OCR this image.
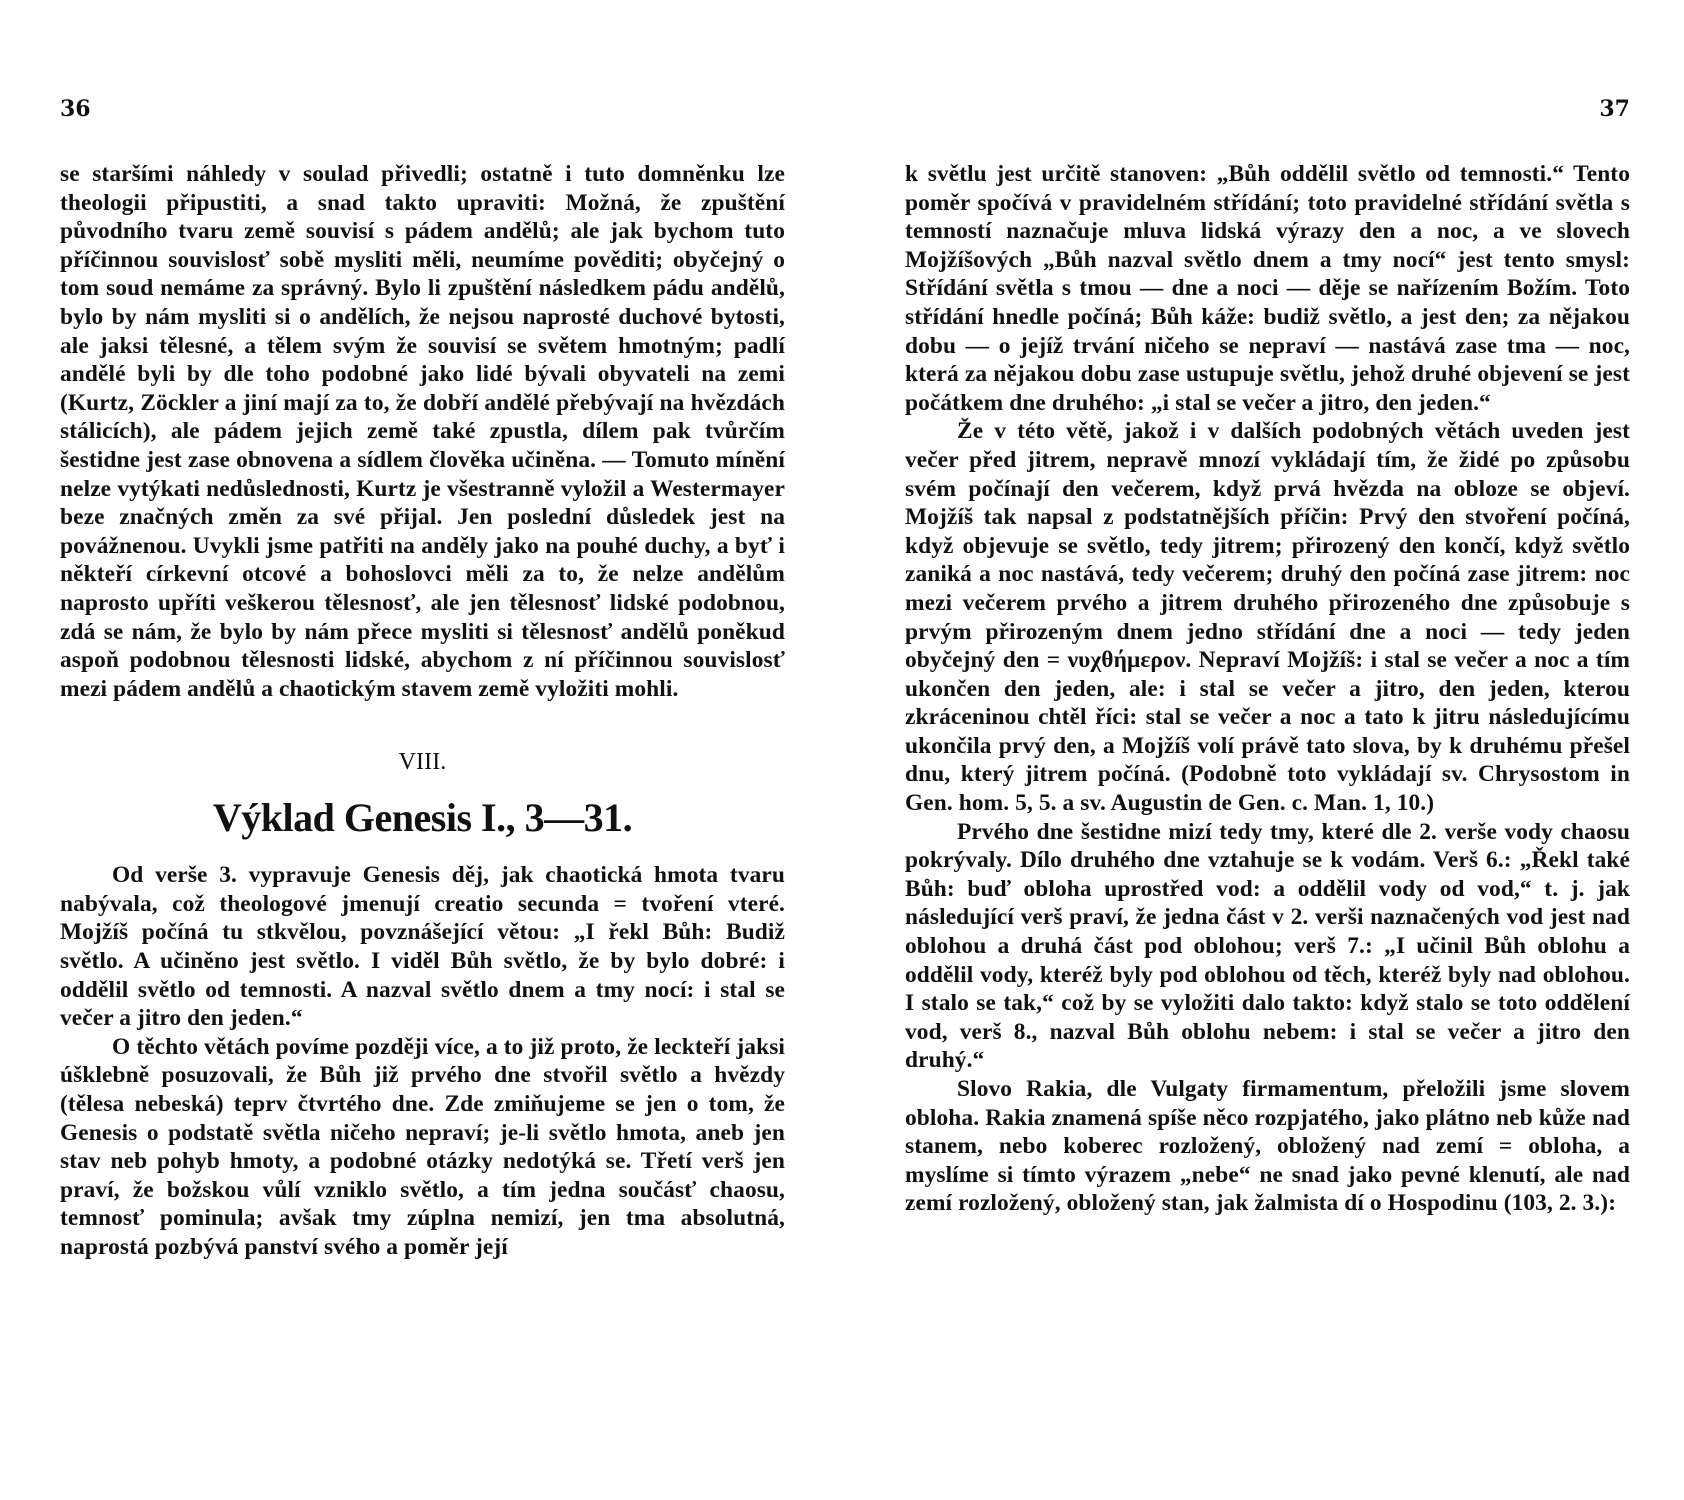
36

se staršími náhledy v soulad přivedli; ostatně i tuto domněnku lze theologii připustiti, a snad takto upraviti: Možná, že zpuštění původního tvaru země souvisí s pádem andělů; ale jak bychom tuto příčinnou souvislosť sobě mysliti měli, neumíme pověditi; obyčejný o tom soud nemáme za správný. Bylo li zpuštění následkem pádu andělů, bylo by nám mysliti si o andělích, že nejsou naprosté duchové bytosti, ale jaksi tělesné, a tělem svým že souvisí se světem hmotným; padlí andělé byli by dle toho podobné jako lidé bývali obyvateli na zemi (Kurtz, Zöckler a jiní mají za to, že dobří andělé přebývají na hvězdách stálicích), ale pádem jejich země také zpustla, dílem pak tvůrčím šestidne jest zase obnovena a sídlem člověka učiněna. — Tomuto mínění nelze vytýkati nedůslednosti, Kurtz je všestranně vyložil a Westermayer beze značných změn za své přijal. Jen poslední důsledek jest na povážnenou. Uvykli jsme patřiti na anděly jako na pouhé duchy, a byť i někteří církevní otcové a bohoslovci měli za to, že nelze andělům naprosto upříti veškerou tělesnosť, ale jen tělesnosť lidské podobnou, zdá se nám, že bylo by nám přece mysliti si tělesnosť andělů poněkud aspoň podobnou tělesnosti lidské, abychom z ní příčinnou souvislosť mezi pádem andělů a chaotickým stavem země vyložiti mohli.

VIII.
Výklad Genesis I., 3—31.

Od verše 3. vypravuje Genesis děj, jak chaotická hmota tvaru nabývala, což theologové jmenují creatio secunda = tvoření vteré. Mojžíš počíná tu stkvělou, povznášející větou: „I řekl Bůh: Budiž světlo. A učiněno jest světlo. I viděl Bůh světlo, že by bylo dobré: i oddělil světlo od temnosti. A nazval světlo dnem a tmy nocí: i stal se večer a jitro den jeden.“

O těchto větách povíme později více, a to již proto, že leckteří jaksi úšklebně posuzovali, že Bůh již prvého dne stvořil světlo a hvězdy (tělesa nebeská) teprv čtvrtého dne. Zde zmiňujeme se jen o tom, že Genesis o podstatě světla ničeho nepraví; je-li světlo hmota, aneb jen stav neb pohyb hmoty, a podobné otázky nedotýká se. Třetí verš jen praví, že božskou vůlí vzniklo světlo, a tím jedna součásť chaosu, temnosť pominula; avšak tmy zúplna nemizí, jen tma absolutná, naprostá pozbývá panství svého a poměr její

37

k světlu jest určitě stanoven: „Bůh oddělil světlo od temnosti.“ Tento poměr spočívá v pravidelném střídání; toto pravidelné střídání světla s temností naznačuje mluva lidská výrazy den a noc, a ve slovech Mojžíšových „Bůh nazval světlo dnem a tmy nocí“ jest tento smysl: Střídání světla s tmou — dne a noci — děje se nařízením Božím. Toto střídání hnedle počíná; Bůh káže: budiž světlo, a jest den; za nějakou dobu — o jejíž trvání ničeho se nepraví — nastává zase tma — noc, která za nějakou dobu zase ustupuje světlu, jehož druhé objevení se jest počátkem dne druhého: „i stal se večer a jitro, den jeden.“

Že v této větě, jakož i v dalších podobných větách uveden jest večer před jitrem, nepravě mnozí vykládají tím, že židé po způsobu svém počínají den večerem, když prvá hvězda na obloze se objeví. Mojžíš tak napsal z podstatnějších příčin: Prvý den stvoření počíná, když objevuje se světlo, tedy jitrem; přirozený den končí, když světlo zaniká a noc nastává, tedy večerem; druhý den počíná zase jitrem: noc mezi večerem prvého a jitrem druhého přirozeného dne způsobuje s prvým přirozeným dnem jedno střídání dne a noci — tedy jeden obyčejný den = νυχθήμερον. Nepraví Mojžíš: i stal se večer a noc a tím ukončen den jeden, ale: i stal se večer a jitro, den jeden, kterou zkráceninou chtěl říci: stal se večer a noc a tato k jitru následujícímu ukončila prvý den, a Mojžíš volí právě tato slova, by k druhému přešel dnu, který jitrem počíná. (Podobně toto vykládají sv. Chrysostom in Gen. hom. 5, 5. a sv. Augustin de Gen. c. Man. 1, 10.)

Prvého dne šestidne mizí tedy tmy, které dle 2. verše vody chaosu pokrývaly. Dílo druhého dne vztahuje se k vodám. Verš 6.: „Řekl také Bůh: buď obloha uprostřed vod: a oddělil vody od vod,“ t. j. jak následující verš praví, že jedna část v 2. verši naznačených vod jest nad oblohou a druhá část pod oblohou; verš 7.: „I učinil Bůh oblohu a oddělil vody, kteréž byly pod oblohou od těch, kteréž byly nad oblohou. I stalo se tak,“ což by se vyložiti dalo takto: když stalo se toto oddělení vod, verš 8., nazval Bůh oblohu nebem: i stal se večer a jitro den druhý.“

Slovo Rakia, dle Vulgaty firmamentum, přeložili jsme slovem obloha. Rakia znamená spíše něco rozpjatého, jako plátno neb kůže nad stanem, nebo koberec rozložený, obložený nad zemí = obloha, a myslíme si tímto výrazem „nebe“ ne snad jako pevné klenutí, ale nad zemí rozložený, obložený stan, jak žalmista dí o Hospodinu (103, 2. 3.):
